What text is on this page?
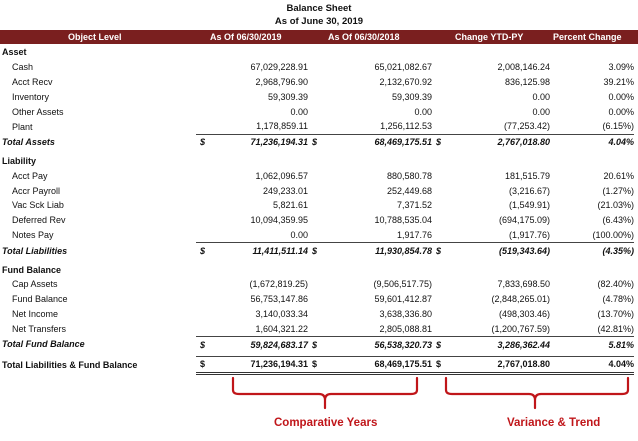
Balance Sheet
As of June 30, 2019
Object Level	As Of 06/30/2019	As Of 06/30/2018	Change YTD-PY	Percent Change
Asset				
Cash	67,029,228.91	65,021,082.67	2,008,146.24	3.09%
Acct Recv	2,968,796.90	2,132,670.92	836,125.98	39.21%
Inventory	59,309.39	59,309.39	0.00	0.00%
Other Assets	0.00	0.00	0.00	0.00%
Plant	1,178,859.11	1,256,112.53	(77,253.42)	(6.15%)
Total Assets	$ 71,236,194.31	$ 68,469,175.51	$ 2,767,018.80	4.04%

Liability				
Acct Pay	1,062,096.57	880,580.78	181,515.79	20.61%
Accr Payroll	249,233.01	252,449.68	(3,216.67)	(1.27%)
Vac Sck Liab	5,821.61	7,371.52	(1,549.91)	(21.03%)
Deferred Rev	10,094,359.95	10,788,535.04	(694,175.09)	(6.43%)
Notes Pay	0.00	1,917.76	(1,917.76)	(100.00%)
Total Liabilities	$ 11,411,511.14	$ 11,930,854.78	$ (519,343.64)	(4.35%)

Fund Balance				
Cap Assets	(1,672,819.25)	(9,506,517.75)	7,833,698.50	(82.40%)
Fund Balance	56,753,147.86	59,601,412.87	(2,848,265.01)	(4.78%)
Net Income	3,140,033.34	3,638,336.80	(498,303.46)	(13.70%)
Net Transfers	1,604,321.22	2,805,088.81	(1,200,767.59)	(42.81%)
Total Fund Balance	$ 59,824,683.17	$ 56,538,320.73	$ 3,286,362.44	5.81%

Total Liabilities & Fund Balance	$ 71,236,194.31	$ 68,469,175.51	$ 2,767,018.80	4.04%
Comparative Years	Variance & Trend
